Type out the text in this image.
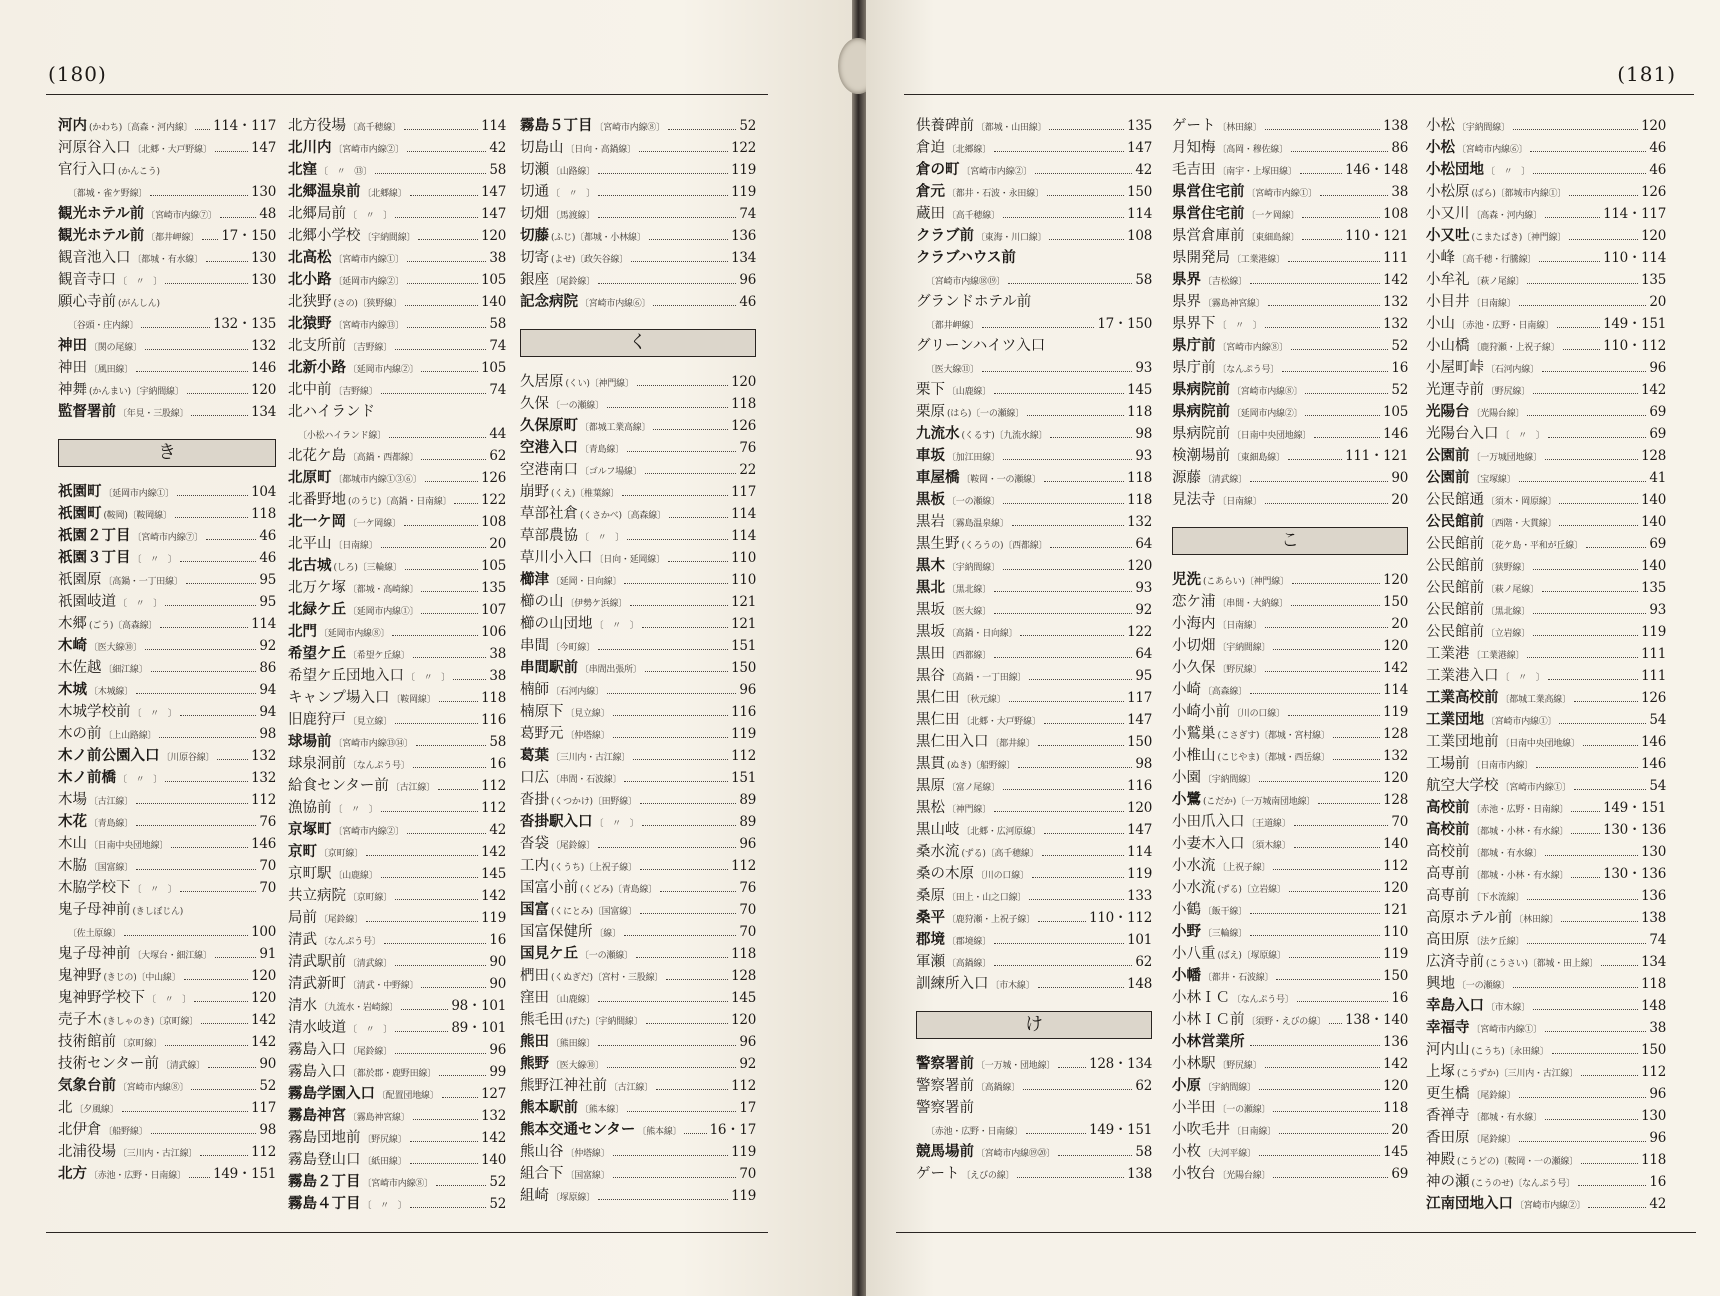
(180)
河内 (かわち)〔高森・河内線〕 114・117
河原谷入口 〔北郷・大戸野線〕	147
官行入口 (かんこう)
〔都城・雀ケ野線〕	130
観光ホテル前 〔宮崎市内線⑦〕	48
観光ホテル前 〔都井岬線〕 17・150
観音池入口 〔都城・有水線〕	130
観音寺口 〔　〃　〕	130
願心寺前 (がんしん)
〔谷頭・庄内線〕	132・135
神田 〔関の尾線〕	132
神田 〔風田線〕	146
神舞 (かんまい)〔宇納間線〕	120
監督署前 〔年見・三股線〕	134
き
祇園町 〔延岡市内線①〕	104
祇園町 (鞍岡)〔鞍岡線〕	118
祇園２丁目 〔宮崎市内線⑦〕	46
祇園３丁目 〔　〃　〕	46
祇園原 〔高鍋・一丁田線〕	95
祇園岐道 〔　〃　〕	95
木郷 (ごう)〔高森線〕	114
木崎 〔医大線⑩〕	92
木佐越 〔細江線〕	86
木城 〔木城線〕	94
木城学校前 〔　〃　〕	94
木の前 〔上山路線〕	98
木ノ前公園入口 〔川原谷線〕	132
木ノ前橋 〔　〃　〕	132
木場 〔古江線〕	112
木花 〔青島線〕	76
木山 〔日南中央団地線〕	146
木脇 〔国富線〕	70
木脇学校下 〔　〃　〕	70
鬼子母神前 (きしぼじん)
〔佐土原線〕	100
鬼子母神前 〔大塚台・細江線〕	91
鬼神野 (きじの)〔中山線〕	120
鬼神野学校下 〔　〃　〕	120
売子木 (きしゃのき)〔京町線〕	142
技術館前 〔京町線〕	142
技術センター前 〔清武線〕	90
気象台前 〔宮崎市内線⑧〕	52
北 〔夕風線〕	117
北伊倉 〔船野線〕	98
北浦役場 〔三川内・古江線〕	112
北方 〔赤池・広野・日南線〕 149・151
北方役場 〔高千穂線〕	114
北川内 〔宮崎市内線②〕	42
北窪 〔　〃　⑬〕	58
北郷温泉前 〔北郷線〕	147
北郷局前 〔　〃　〕	147
北郷小学校 〔宇納間線〕	120
北高松 〔宮崎市内線①〕	38
北小路 〔延岡市内線②〕	105
北狭野 (さの)〔狭野線〕	140
北猿野 〔宮崎市内線⑬〕	58
北支所前 〔吉野線〕	74
北新小路 〔延岡市内線②〕	105
北中前 〔吉野線〕	74
北ハイランド
〔小松ハイランド線〕	44
北花ケ島 〔高鍋・西都線〕	62
北原町 〔都城市内線①③⑥〕	126
北番野地 (のうじ)〔高鍋・日南線〕 122
北一ケ岡 〔一ケ岡線〕	108
北平山 〔日南線〕	20
北古城 (しろ)〔三輪線〕	105
北万ケ塚 〔都城・高崎線〕	135
北緑ケ丘 〔延岡市内線①〕	107
北門 〔延岡市内線⑧〕	106
希望ケ丘 〔希望ケ丘線〕	38
希望ケ丘団地入口 〔　〃　〕	38
キャンプ場入口 〔鞍岡線〕	118
旧鹿狩戸 〔見立線〕	116
球場前 〔宮崎市内線⑬⑭〕	58
球泉洞前 〔なんぷう号〕	16
給食センター前 〔古江線〕	112
漁協前 〔　〃　〕	112
京塚町 〔宮崎市内線②〕	42
京町 〔京町線〕	142
京町駅 〔山鹿線〕	145
共立病院 〔京町線〕	142
局前 〔尾鈴線〕	119
清武 〔なんぷう号〕	16
清武駅前 〔清武線〕	90
清武新町 〔清武・中野線〕	90
清水 〔九流水・岩崎線〕	98・101
清水岐道 〔　〃　〕	89・101
霧島入口 〔尾鈴線〕	96
霧島入口 〔都於郡・鹿野田線〕	99
霧島学園入口 〔配置団地線〕	127
霧島神宮 〔霧島神宮線〕	132
霧島団地前 〔野尻線〕	142
霧島登山口 〔紙田線〕	140
霧島２丁目 〔宮崎市内線⑧〕	52
霧島４丁目 〔　〃　〕	52
霧島５丁目 〔宮崎市内線⑧〕	52
切島山 〔日向・高鍋線〕	122
切瀬 〔山路線〕	119
切通 〔　〃　〕	119
切畑 〔馬渡線〕	74
切藤 (ふじ)〔都城・小林線〕	136
切寄 (よせ)〔政矢谷線〕	134
銀座 〔尾鈴線〕	96
記念病院 〔宮崎市内線⑥〕	46
く
久居原 (くい)〔神門線〕	120
久保 〔一の瀬線〕	118
久保原町 〔都城工業高線〕	126
空港入口 〔青島線〕	76
空港南口 〔ゴルフ場線〕	22
崩野 (くえ)〔椎葉線〕	117
草部社倉 (くさかべ)〔高森線〕	114
草部農協 〔　〃　〕	114
草川小入口 〔日向・延岡線〕	110
櫛津 〔延岡・日向線〕	110
櫛の山 〔伊勢ケ浜線〕	121
櫛の山団地 〔　〃　〕	121
串間 〔今町線〕	151
串間駅前 〔串間出張所〕	150
楠師 〔石河内線〕	96
楠原下 〔見立線〕	116
葛野元 〔仲塔線〕	119
葛葉 〔三川内・古江線〕	112
口広 〔串間・石波線〕	151
沓掛 (くつかけ)〔田野線〕	89
沓掛駅入口 〔　〃　〕	89
沓袋 〔尾鈴線〕	96
工内 (くうち)〔上祝子線〕	112
国富小前 (くどみ)〔青島線〕	76
国富 (くにとみ)〔国富線〕	70
国富保健所 〔線〕	70
国見ケ丘 〔一の瀬線〕	118
椚田 (くぬぎだ)〔宮村・三股線〕	128
窪田 〔山鹿線〕	145
熊毛田 (げた)〔宇納間線〕	120
熊田 〔熊田線〕	96
熊野 〔医大線⑩〕	92
熊野江神社前 〔古江線〕	112
熊本駅前 〔熊本線〕	17
熊本交通センター 〔熊本線〕 16・17
熊山谷 〔仲塔線〕	119
組合下 〔国富線〕	70
組崎 〔塚原線〕	119
(181)
供養碑前 〔都城・山田線〕	135
倉迫 〔北郷線〕	147
倉の町 〔宮崎市内線②〕	42
倉元 〔都井・石波・永田線〕	150
蔵田 〔高千穂線〕	114
クラブ前 〔東海・川口線〕	108
クラブハウス前
〔宮崎市内線⑱⑲〕	58
グランドホテル前
〔都井岬線〕	17・150
グリーンハイツ入口
〔医大線⑪〕	93
栗下 〔山鹿線〕	145
栗原 (はら)〔一の瀬線〕	118
九流水 (くるす)〔九流水線〕	98
車坂 〔加江田線〕	93
車屋橋 〔鞍岡・一の瀬線〕	118
黒板 〔一の瀬線〕	118
黒岩 〔霧島温泉線〕	132
黒生野 (くろうの)〔西都線〕	64
黒木 〔宇納間線〕	120
黒北 〔黒北線〕	93
黒坂 〔医大線〕	92
黒坂 〔高鍋・日向線〕	122
黒田 〔西都線〕	64
黒谷 〔高鍋・一丁田線〕	95
黒仁田 〔秋元線〕	117
黒仁田 〔北郷・大戸野線〕	147
黒仁田入口 〔都井線〕	150
黒貫 (ぬき)〔船野線〕	98
黒原 〔富ノ尾線〕	116
黒松 〔神門線〕	120
黒山岐 〔北郷・広河原線〕	147
桑水流 (ずる)〔高千穂線〕	114
桑の木原 〔川の口線〕	119
桑原 〔田上・山之口線〕	133
桑平 〔鹿狩瀬・上祝子線〕	110・112
郡境 〔郡境線〕	101
軍瀬 〔高鍋線〕	62
訓練所入口 〔市木線〕	148
け
警察署前 〔一万城・団地線〕	128・134
警察署前 〔高鍋線〕	62
警察署前
〔赤池・広野・日南線〕	149・151
競馬場前 〔宮崎市内線⑲⑳〕	58
ゲート 〔えびの線〕	138
ゲート 〔林田線〕	138
月知梅 〔高岡・穆佐線〕	86
毛吉田 〔南宇・上塚田線〕	146・148
県営住宅前 〔宮崎市内線①〕	38
県営住宅前 〔一ケ岡線〕	108
県営倉庫前 〔東細島線〕	110・121
県開発局 〔工業港線〕	111
県界 〔吉松線〕	142
県界 〔霧島神宮線〕	132
県界下 〔　〃　〕	132
県庁前 〔宮崎市内線⑧〕	52
県庁前 〔なんぷう号〕	16
県病院前 〔宮崎市内線⑧〕	52
県病院前 〔延岡市内線②〕	105
県病院前 〔日南中央団地線〕	146
検潮場前 〔東細島線〕	111・121
源藤 〔清武線〕	90
見法寺 〔日南線〕	20
こ
児洗 (こあらい)〔神門線〕	120
恋ケ浦 〔串間・大納線〕	150
小海内 〔日南線〕	20
小切畑 〔宇納間線〕	120
小久保 〔野尻線〕	142
小崎 〔高森線〕	114
小崎小前 〔川の口線〕	119
小鷲巣 (こさぎす)〔都城・宮村線〕	128
小椎山 (こじやま)〔都城・西岳線〕	132
小園 〔宇納間線〕	120
小鷺 (こだか)〔一万城南団地線〕	128
小田爪入口 〔王道線〕	70
小妻木入口 〔須木線〕	140
小水流 〔上祝子線〕	112
小水流 (ずる)〔立岩線〕	120
小鶴 〔飯干線〕	121
小野 〔三輪線〕	110
小八重 (ばえ)〔塚原線〕	119
小幡 〔都井・石波線〕	150
小林ＩＣ 〔なんぷう号〕	16
小林ＩＣ前 〔須野・えびの線〕 138・140
小林営業所	136
小林駅 〔野尻線〕	142
小原 〔宇納間線〕	120
小半田 〔一の瀬線〕	118
小吹毛井 〔日南線〕	20
小枚 〔大河平線〕	145
小牧台 〔光陽台線〕	69
小松 〔宇納間線〕	120
小松 〔宮崎市内線⑥〕	46
小松団地 〔　〃　〕	46
小松原 (ばら)〔都城市内線①〕	126
小又川 〔高森・河内線〕	114・117
小又吐 (こまたばき)〔神門線〕	120
小峰 〔高千穂・行騰線〕	110・114
小牟礼 〔萩ノ尾線〕	135
小目井 〔日南線〕	20
小山 〔赤池・広野・日南線〕	149・151
小山橋 〔鹿狩瀬・上祝子線〕	110・112
小屋町峠 〔石河内線〕	96
光運寺前 〔野尻線〕	142
光陽台 〔光陽台線〕	69
光陽台入口 〔　〃　〕	69
公園前 〔一万城団地線〕	128
公園前 〔宝塚線〕	41
公民館通 〔須木・岡原線〕	140
公民館前 〔西階・大貫線〕	140
公民館前 〔花ケ島・平和が丘線〕	69
公民館前 〔狭野線〕	140
公民館前 〔萩ノ尾線〕	135
公民館前 〔黒北線〕	93
公民館前 〔立岩線〕	119
工業港 〔工業港線〕	111
工業港入口 〔　〃　〕	111
工業高校前 〔都城工業高線〕	126
工業団地 〔宮崎市内線①〕	54
工業団地前 〔日南中央団地線〕	146
工場前 〔日南市内線〕	146
航空大学校 〔宮崎市内線①〕	54
高校前 〔赤池・広野・日南線〕	149・151
高校前 〔都城・小林・有水線〕	130・136
高校前 〔都城・有水線〕	130
高専前 〔都城・小林・有水線〕	130・136
高専前 〔下水流線〕	136
高原ホテル前 〔林田線〕	138
高田原 〔法ケ丘線〕	74
広済寺前 (こうさい)〔都城・田上線〕	134
興地 〔一の瀬線〕	118
幸島入口 〔市木線〕	148
幸福寺 〔宮崎市内線①〕	38
河内山 (こうち)〔永田線〕	150
上塚 (こうずか)〔三川内・古江線〕	112
更生橋 〔尾鈴線〕	96
香禅寺 〔都城・有水線〕	130
香田原 〔尾鈴線〕	96
神殿 (こうどの)〔鞍岡・一の瀬線〕	118
神の瀬 (こうのせ)〔なんぷう号〕	16
江南団地入口 〔宮崎市内線②〕	42
